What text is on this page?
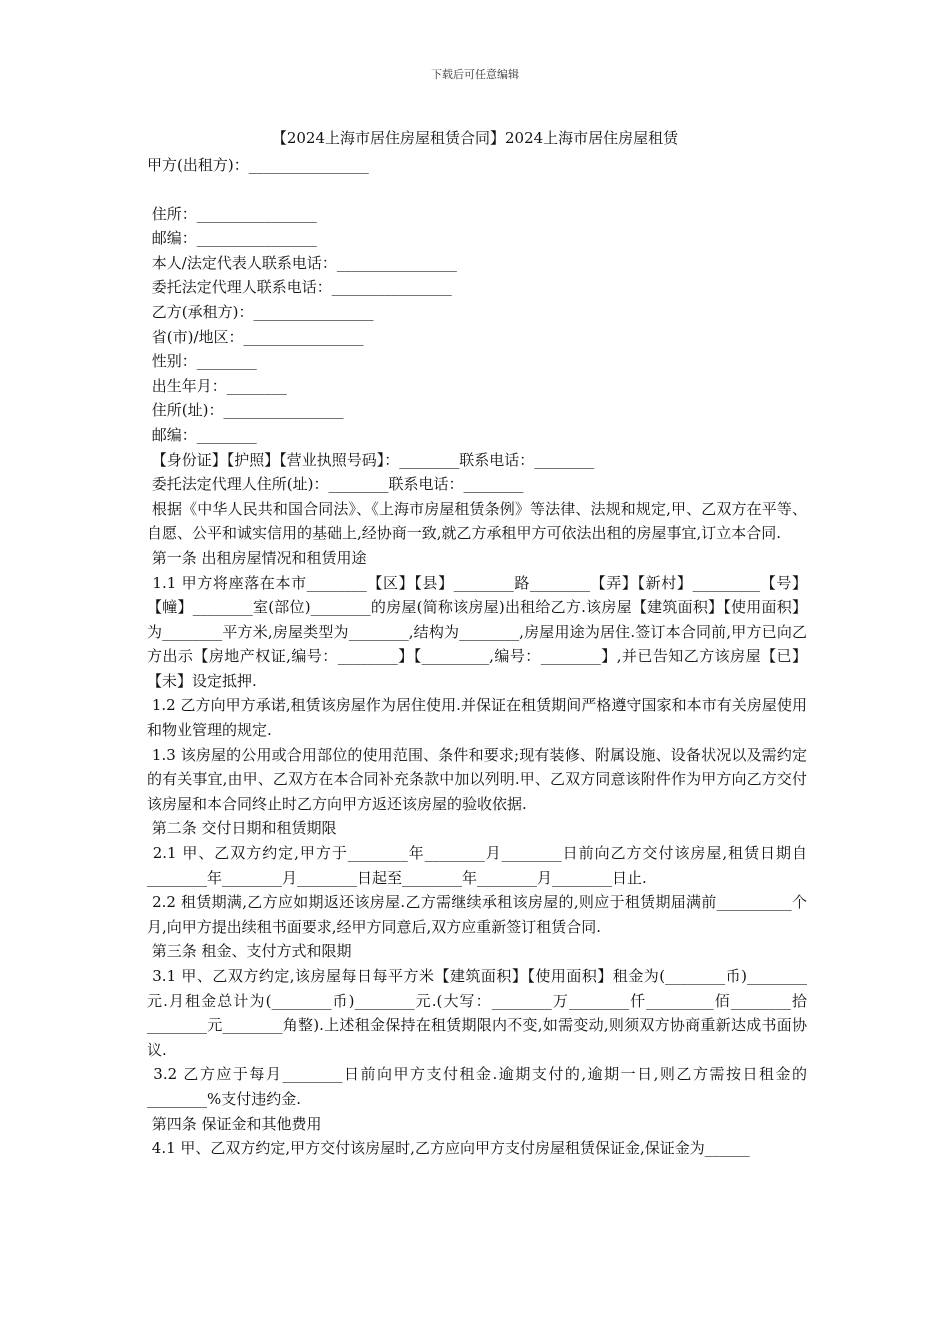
下载后可任意编辑
【2024上海市居住房屋租赁合同】2024上海市居住房屋租赁

甲方(出租方)：________________

住所：________________

邮编：________________

本人/法定代表人联系电话：________________

委托法定代理人联系电话：________________

乙方(承租方)：________________

省(市)/地区：________________

性别：________

出生年月：________

住所(址)：________________

邮编：________

【身份证】【护照】【营业执照号码】：________联系电话：________

委托法定代理人住所(址)：________联系电话：________

根据《中华人民共和国合同法》、《上海市房屋租赁条例》等法律、法规和规定,甲、乙双方在平等、自愿、公平和诚实信用的基础上,经协商一致,就乙方承租甲方可依法出租的房屋事宜,订立本合同.

第一条 出租房屋情况和租赁用途

1.1 甲方将座落在本市________【区】【县】________路________【弄】【新村】_________【号】【幢】________室(部位)________的房屋(简称该房屋)出租给乙方.该房屋【建筑面积】【使用面积】为________平方米,房屋类型为________,结构为________,房屋用途为居住.签订本合同前,甲方已向乙方出示【房地产权证,编号：________】【_________,编号：________】,并已告知乙方该房屋【已】【未】设定抵押.

1.2 乙方向甲方承诺,租赁该房屋作为居住使用.并保证在租赁期间严格遵守国家和本市有关房屋使用和物业管理的规定.

1.3 该房屋的公用或合用部位的使用范围、条件和要求;现有装修、附属设施、设备状况以及需约定的有关事宜,由甲、乙双方在本合同补充条款中加以列明.甲、乙双方同意该附件作为甲方向乙方交付该房屋和本合同终止时乙方向甲方返还该房屋的验收依据.

第二条 交付日期和租赁期限

2.1 甲、乙双方约定,甲方于________年________月________日前向乙方交付该房屋,租赁日期自________年________月________日起至________年________月________日止.

2.2 租赁期满,乙方应如期返还该房屋.乙方需继续承租该房屋的,则应于租赁期届满前__________个月,向甲方提出续租书面要求,经甲方同意后,双方应重新签订租赁合同.

第三条 租金、支付方式和限期

3.1 甲、乙双方约定,该房屋每日每平方米【建筑面积】【使用面积】租金为(________币)________元.月租金总计为(________币)________元.(大写：________万________仟_________佰________拾________元________角整).上述租金保持在租赁期限内不变,如需变动,则须双方协商重新达成书面协议.

3.2 乙方应于每月________日前向甲方支付租金.逾期支付的,逾期一日,则乙方需按日租金的________%支付违约金.

第四条 保证金和其他费用

4.1 甲、乙双方约定,甲方交付该房屋时,乙方应向甲方支付房屋租赁保证金,保证金为______
